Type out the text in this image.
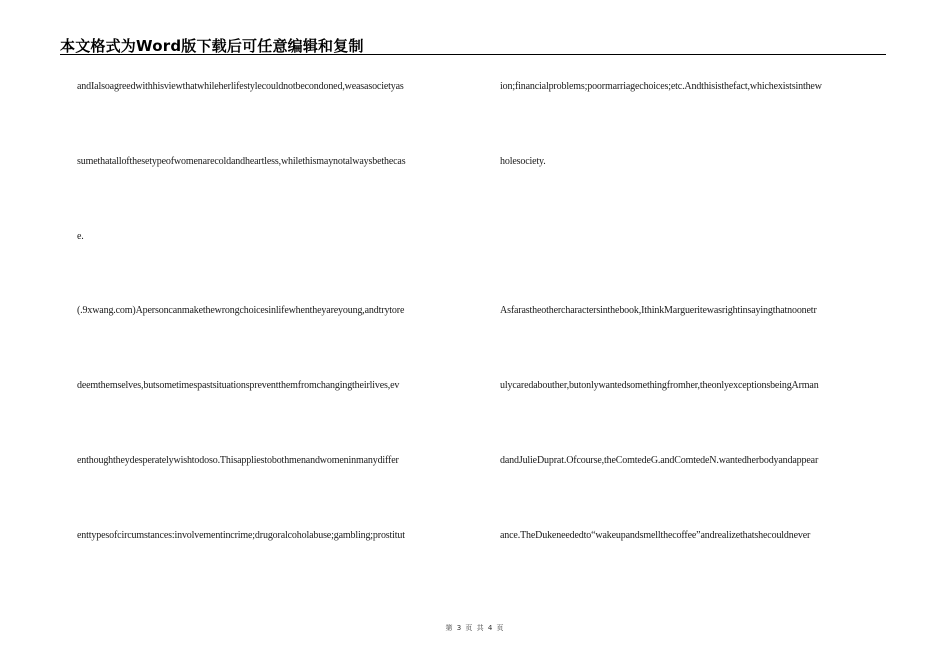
本文格式为Word版下载后可任意编辑和复制
andIalsoagreedwithhisviewthatwhileherlifestylecouldnotbecondoned,weasasocietyas
sumethatallofthesetypeofwomenarecoldandheartless,whilethismaynotalwaysbethecas
e.
(.9xwang.com)Apersoncanmakethewrongchoicesinlifewhentheyareyoung,andtrytore
deemthemselves,butsometimespastsituationspreventthemfromchangingtheirlives,ev
enthoughtheydesperatelywishtodoso.Thisappliestobothmenandwomeninmanydiffer
enttypesofcircumstances:involvementincrime;drugoralcoholabuse;gambling;prostitut
ion;financialproblems;poormarriagechoices;etc.Andthisisthefact,whichexistsinthew
holesociety.
Asfarastheothercharactersinthebook,IthinkMargueritewasrightinsayingthatnoonetr
ulycaredabouther,butonlywantedsomethingfromher,theonlyexceptionsbeingArman
dandJulieDuprat.Ofcourse,theComtedeG.andComtedeN.wantedherbodyandappear
ance.TheDukeneededto“wakeupandsmellthecoffee”andrealizethatshecouldnever
第 3 页 共 4 页
